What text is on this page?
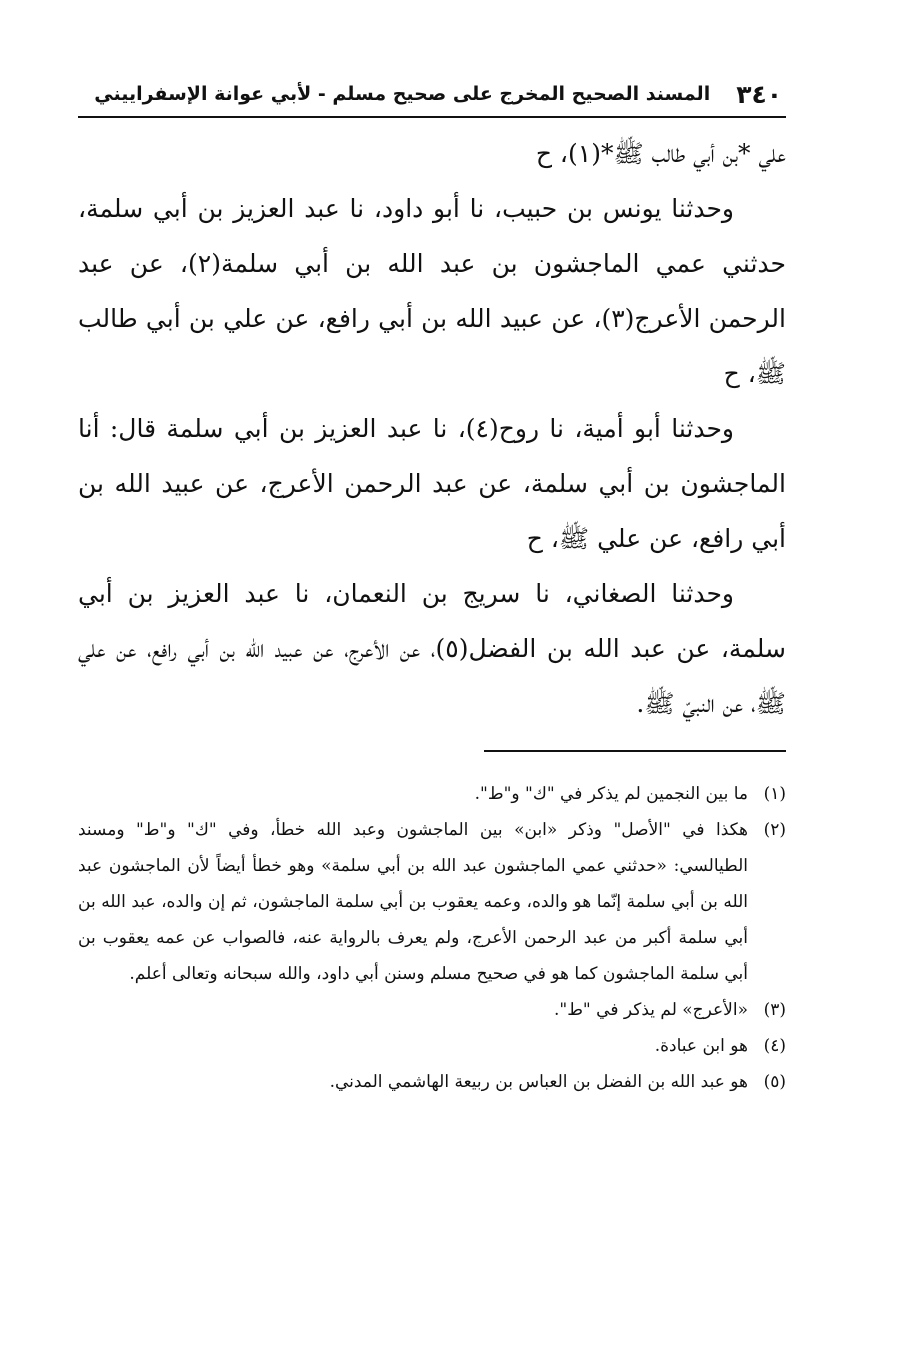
٣٤٠
المسند الصحيح المخرج على صحيح مسلم - لأبي عوانة الإسفراييني

علي *بن أبي طالب ﷺ*(١)، ح

وحدثنا يونس بن حبيب، نا أبو داود، نا عبد العزيز بن أبي سلمة، حدثني عمي الماجشون بن عبد الله بن أبي سلمة(٢)، عن عبد الرحمن الأعرج(٣)، عن عبيد الله بن أبي رافع، عن علي بن أبي طالب ﷺ، ح

وحدثنا أبو أمية، نا روح(٤)، نا عبد العزيز بن أبي سلمة قال: أنا الماجشون بن أبي سلمة، عن عبد الرحمن الأعرج، عن عبيد الله بن أبي رافع، عن علي ﷺ، ح

وحدثنا الصغاني، نا سريج بن النعمان، نا عبد العزيز بن أبي سلمة، عن عبد الله بن الفضل(٥)، عن الأعرج، عن عبيد الله بن أبي رافع، عن علي ﷺ، عن النبيّ ﷺ.

(١)
ما بين النجمين لم يذكر في "ك" و"ط".
(٢)
هكذا في "الأصل" وذكر «ابن» بين الماجشون وعبد الله خطأ، وفي "ك" و"ط" ومسند الطيالسي: «حدثني عمي الماجشون عبد الله بن أبي سلمة» وهو خطأ أيضاً لأن الماجشون عبد الله بن أبي سلمة إنّما هو والده، وعمه يعقوب بن أبي سلمة الماجشون، ثم إن والده، عبد الله بن أبي سلمة أكبر من عبد الرحمن الأعرج، ولم يعرف بالرواية عنه، فالصواب عن عمه يعقوب بن أبي سلمة الماجشون كما هو في صحيح مسلم وسنن أبي داود، والله سبحانه وتعالى أعلم.
(٣)
«الأعرج» لم يذكر في "ط".
(٤)
هو ابن عبادة.
(٥)
هو عبد الله بن الفضل بن العباس بن ربيعة الهاشمي المدني.
